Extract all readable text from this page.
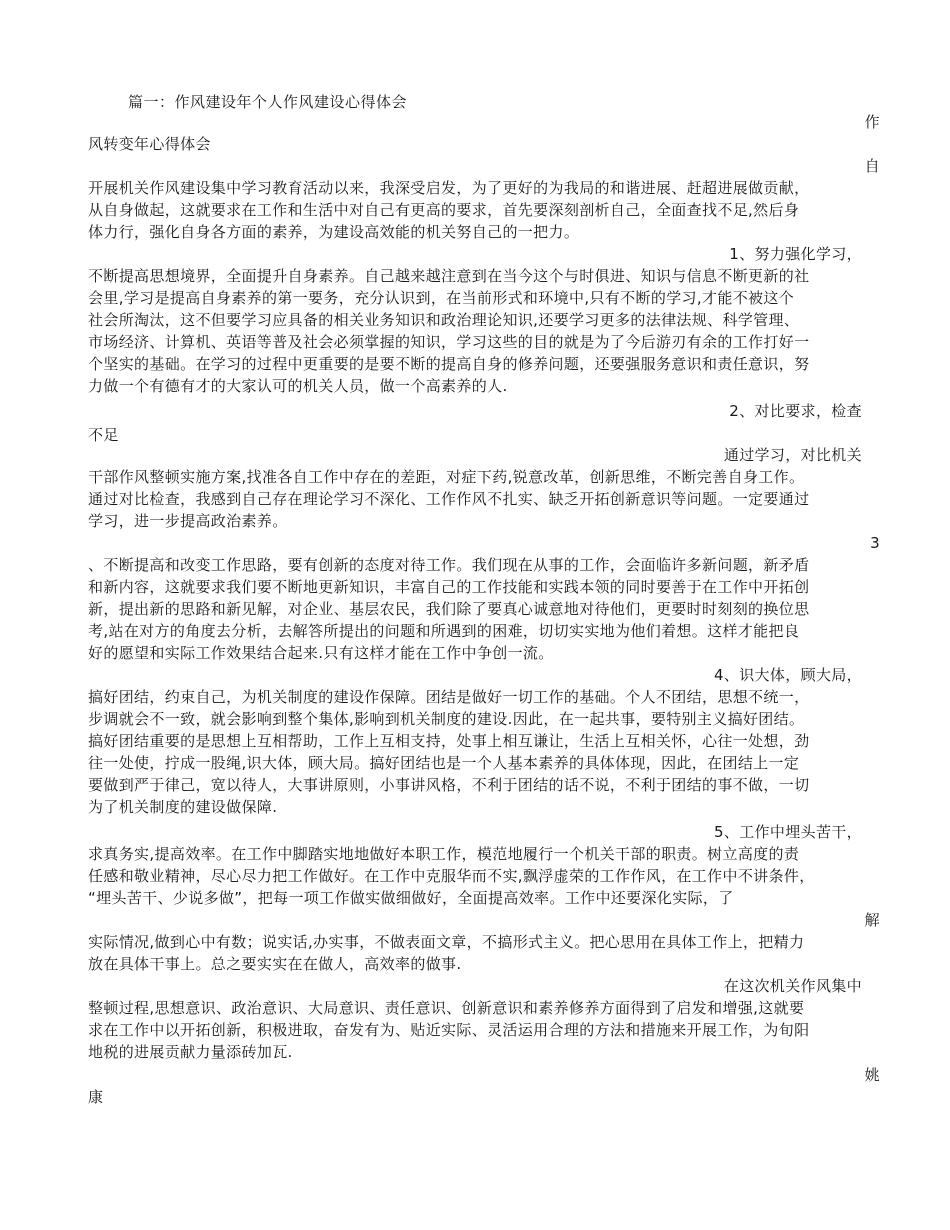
篇一：作风建设年个人作风建设心得体会

作

风转变年心得体会

自

开展机关作风建设集中学习教育活动以来，我深受启发，为了更好的为我局的和谐进展、赶超进展做贡献，

从自身做起，这就要求在工作和生活中对自己有更高的要求，首先要深刻剖析自己，全面查找不足,然后身

体力行，强化自身各方面的素养，为建设高效能的机关努自己的一把力。

1、努力强化学习，

不断提高思想境界，全面提升自身素养。自己越来越注意到在当今这个与时俱进、知识与信息不断更新的社

会里,学习是提高自身素养的第一要务，充分认识到，在当前形式和环境中,只有不断的学习,才能不被这个

社会所淘汰，这不但要学习应具备的相关业务知识和政治理论知识,还要学习更多的法律法规、科学管理、

市场经济、计算机、英语等普及社会必须掌握的知识，学习这些的目的就是为了今后游刃有余的工作打好一

个坚实的基础。在学习的过程中更重要的是要不断的提高自身的修养问题，还要强服务意识和责任意识，努

力做一个有德有才的大家认可的机关人员，做一个高素养的人.

2、对比要求，检查

不足

通过学习，对比机关

干部作风整顿实施方案,找准各自工作中存在的差距，对症下药,锐意改革，创新思维，不断完善自身工作。

通过对比检查，我感到自己存在理论学习不深化、工作作风不扎实、缺乏开拓创新意识等问题。一定要通过

学习，进一步提高政治素养。

3

、不断提高和改变工作思路，要有创新的态度对待工作。我们现在从事的工作，会面临许多新问题，新矛盾

和新内容，这就要求我们要不断地更新知识，丰富自己的工作技能和实践本领的同时要善于在工作中开拓创

新，提出新的思路和新见解，对企业、基层农民，我们除了要真心诚意地对待他们，更要时时刻刻的换位思

考,站在对方的角度去分析，去解答所提出的问题和所遇到的困难，切切实实地为他们着想。这样才能把良

好的愿望和实际工作效果结合起来.只有这样才能在工作中争创一流。

4、识大体，顾大局，

搞好团结，约束自己，为机关制度的建设作保障。团结是做好一切工作的基础。个人不团结，思想不统一，

步调就会不一致，就会影响到整个集体,影响到机关制度的建设.因此，在一起共事，要特别主义搞好团结。

搞好团结重要的是思想上互相帮助，工作上互相支持，处事上相互谦让，生活上互相关怀，心往一处想，劲

往一处使，拧成一股绳,识大体，顾大局。搞好团结也是一个人基本素养的具体体现，因此，在团结上一定

要做到严于律己，宽以待人，大事讲原则，小事讲风格，不利于团结的话不说，不利于团结的事不做，一切

为了机关制度的建设做保障.

5、工作中埋头苦干，

求真务实,提高效率。在工作中脚踏实地地做好本职工作，模范地履行一个机关干部的职责。树立高度的责

任感和敬业精神，尽心尽力把工作做好。在工作中克服华而不实,飘浮虚荣的工作作风，在工作中不讲条件，

“埋头苦干、少说多做”，把每一项工作做实做细做好，全面提高效率。工作中还要深化实际，了

解

实际情况,做到心中有数；说实话,办实事，不做表面文章，不搞形式主义。把心思用在具体工作上，把精力

放在具体干事上。总之要实实在在做人，高效率的做事.

在这次机关作风集中

整顿过程,思想意识、政治意识、大局意识、责任意识、创新意识和素养修养方面得到了启发和增强,这就要

求在工作中以开拓创新，积极进取，奋发有为、贴近实际、灵活运用合理的方法和措施来开展工作，为旬阳

地税的进展贡献力量添砖加瓦.

姚

康
